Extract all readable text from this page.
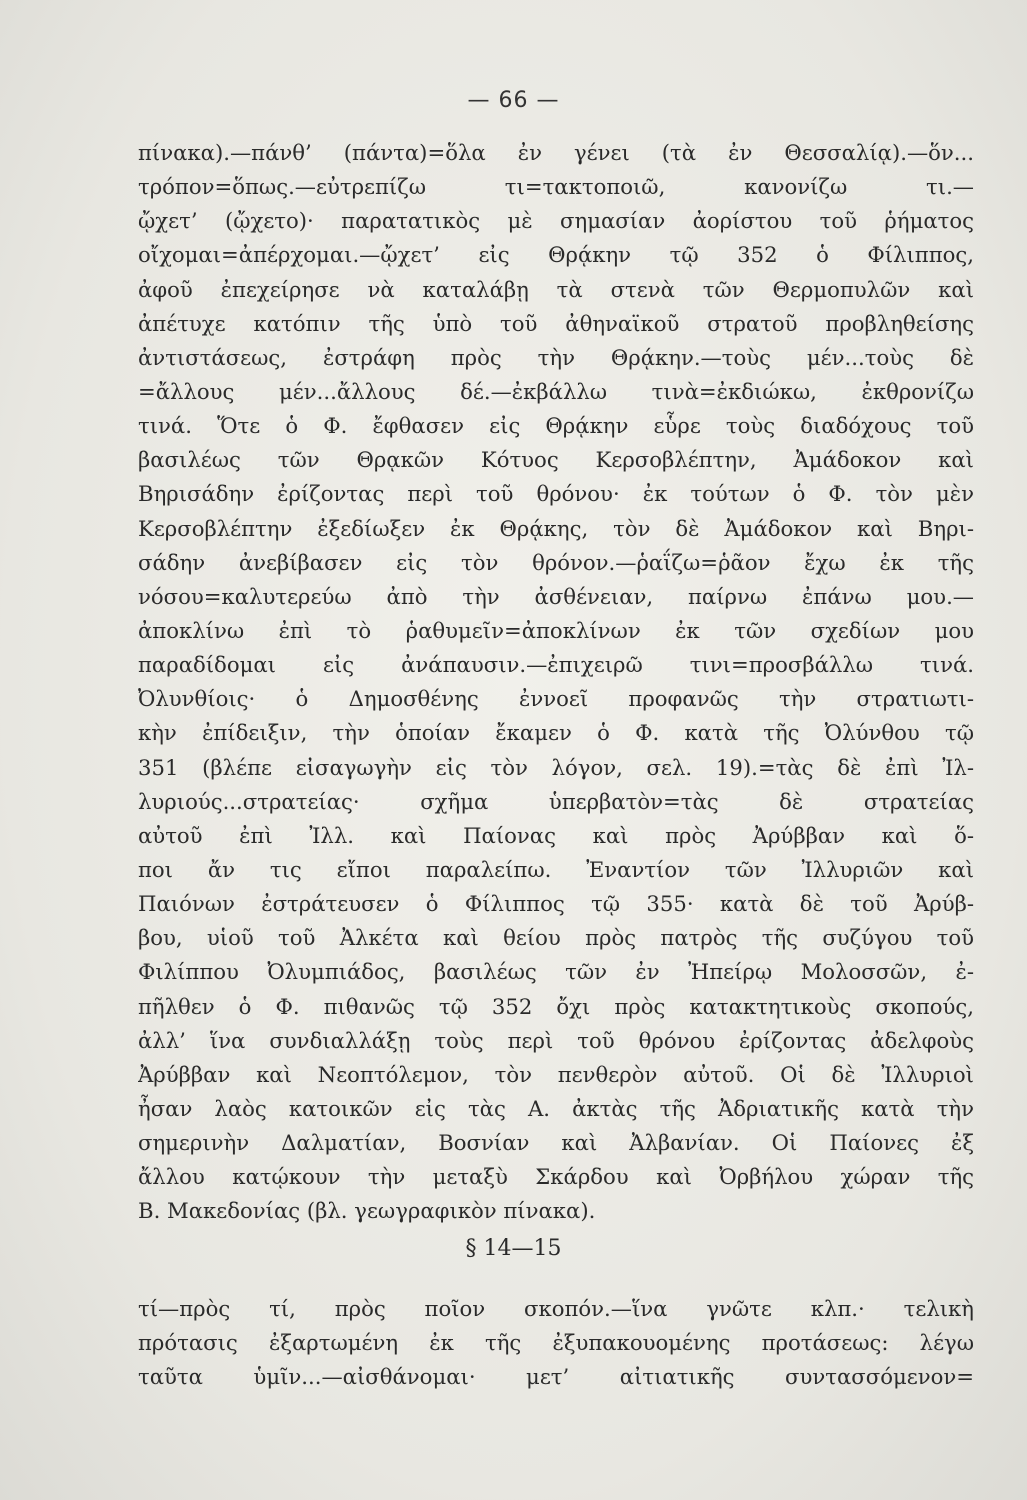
— 66 —
πίνακα).—πάνθ’ (πάντα)=ὅλα ἐν γένει (τὰ ἐν Θεσσαλίᾳ).—ὅν...
τρόπον=ὅπως.—εὐτρεπίζω τι=τακτοποιῶ, κανονίζω τι.—
ᾤχετ’ (ᾤχετο)· παρατατικὸς μὲ σημασίαν ἀορίστου τοῦ ῥήματος
οἴχομαι=ἀπέρχομαι.—ᾤχετ’ εἰς Θρᾴκην τῷ 352 ὁ Φίλιππος,
ἀφοῦ ἐπεχείρησε νὰ καταλάβῃ τὰ στενὰ τῶν Θερμοπυλῶν καὶ
ἀπέτυχε κατόπιν τῆς ὑπὸ τοῦ ἀθηναϊκοῦ στρατοῦ προβληθείσης
ἀντιστάσεως, ἐστράφη πρὸς τὴν Θρᾴκην.—τοὺς μέν...τοὺς δὲ
=ἄλλους μέν...ἄλλους δέ.—ἐκβάλλω τινὰ=ἐκδιώκω, ἐκθρονίζω
τινά. Ὅτε ὁ Φ. ἔφθασεν εἰς Θρᾴκην εὗρε τοὺς διαδόχους τοῦ
βασιλέως τῶν Θρᾳκῶν Κότυος Κερσοβλέπτην, Ἀμάδοκον καὶ
Βηρισάδην ἐρίζοντας περὶ τοῦ θρόνου· ἐκ τούτων ὁ Φ. τὸν μὲν
Κερσοβλέπτην ἐξεδίωξεν ἐκ Θρᾴκης, τὸν δὲ Ἀμάδοκον καὶ Βηρι-
σάδην ἀνεβίβασεν εἰς τὸν θρόνον.—ῥαΐζω=ῥᾶον ἔχω ἐκ τῆς
νόσου=καλυτερεύω ἀπὸ τὴν ἀσθένειαν, παίρνω ἐπάνω μου.—
ἀποκλίνω ἐπὶ τὸ ῥαθυμεῖν=ἀποκλίνων ἐκ τῶν σχεδίων μου
παραδίδομαι εἰς ἀνάπαυσιν.—ἐπιχειρῶ τινι=προσβάλλω τινά.
Ὀλυνθίοις· ὁ Δημοσθένης ἐννοεῖ προφανῶς τὴν στρατιωτι-
κὴν ἐπίδειξιν, τὴν ὁποίαν ἔκαμεν ὁ Φ. κατὰ τῆς Ὀλύνθου τῷ
351 (βλέπε εἰσαγωγὴν εἰς τὸν λόγον, σελ. 19).=τὰς δὲ ἐπὶ Ἰλ-
λυριούς...στρατείας· σχῆμα ὑπερβατὸν=τὰς δὲ στρατείας
αὐτοῦ ἐπὶ Ἰλλ. καὶ Παίονας καὶ πρὸς Ἀρύββαν καὶ ὅ-
ποι ἄν τις εἴποι παραλείπω. Ἐναντίον τῶν Ἰλλυριῶν καὶ
Παιόνων ἐστράτευσεν ὁ Φίλιππος τῷ 355· κατὰ δὲ τοῦ Ἀρύβ-
βου, υἱοῦ τοῦ Ἀλκέτα καὶ θείου πρὸς πατρὸς τῆς συζύγου τοῦ
Φιλίππου Ὀλυμπιάδος, βασιλέως τῶν ἐν Ἠπείρῳ Μολοσσῶν, ἐ-
πῆλθεν ὁ Φ. πιθανῶς τῷ 352 ὄχι πρὸς κατακτητικοὺς σκοπούς,
ἀλλ’ ἵνα συνδιαλλάξῃ τοὺς περὶ τοῦ θρόνου ἐρίζοντας ἀδελφοὺς
Ἀρύββαν καὶ Νεοπτόλεμον, τὸν πενθερὸν αὐτοῦ. Οἱ δὲ Ἰλλυριοὶ
ἦσαν λαὸς κατοικῶν εἰς τὰς Α. ἀκτὰς τῆς Ἀδριατικῆς κατὰ τὴν
σημερινὴν Δαλματίαν, Βοσνίαν καὶ Ἀλβανίαν. Οἱ Παίονες ἐξ
ἄλλου κατῴκουν τὴν μεταξὺ Σκάρδου καὶ Ὀρβήλου χώραν τῆς
Β. Μακεδονίας (βλ. γεωγραφικὸν πίνακα).
§ 14—15
τί—πρὸς τί, πρὸς ποῖον σκοπόν.—ἵνα γνῶτε κλπ.· τελικὴ
πρότασις ἐξαρτωμένη ἐκ τῆς ἐξυπακουομένης προτάσεως: λέγω
ταῦτα ὑμῖν...—αἰσθάνομαι· μετ’ αἰτιατικῆς συντασσόμενον=
